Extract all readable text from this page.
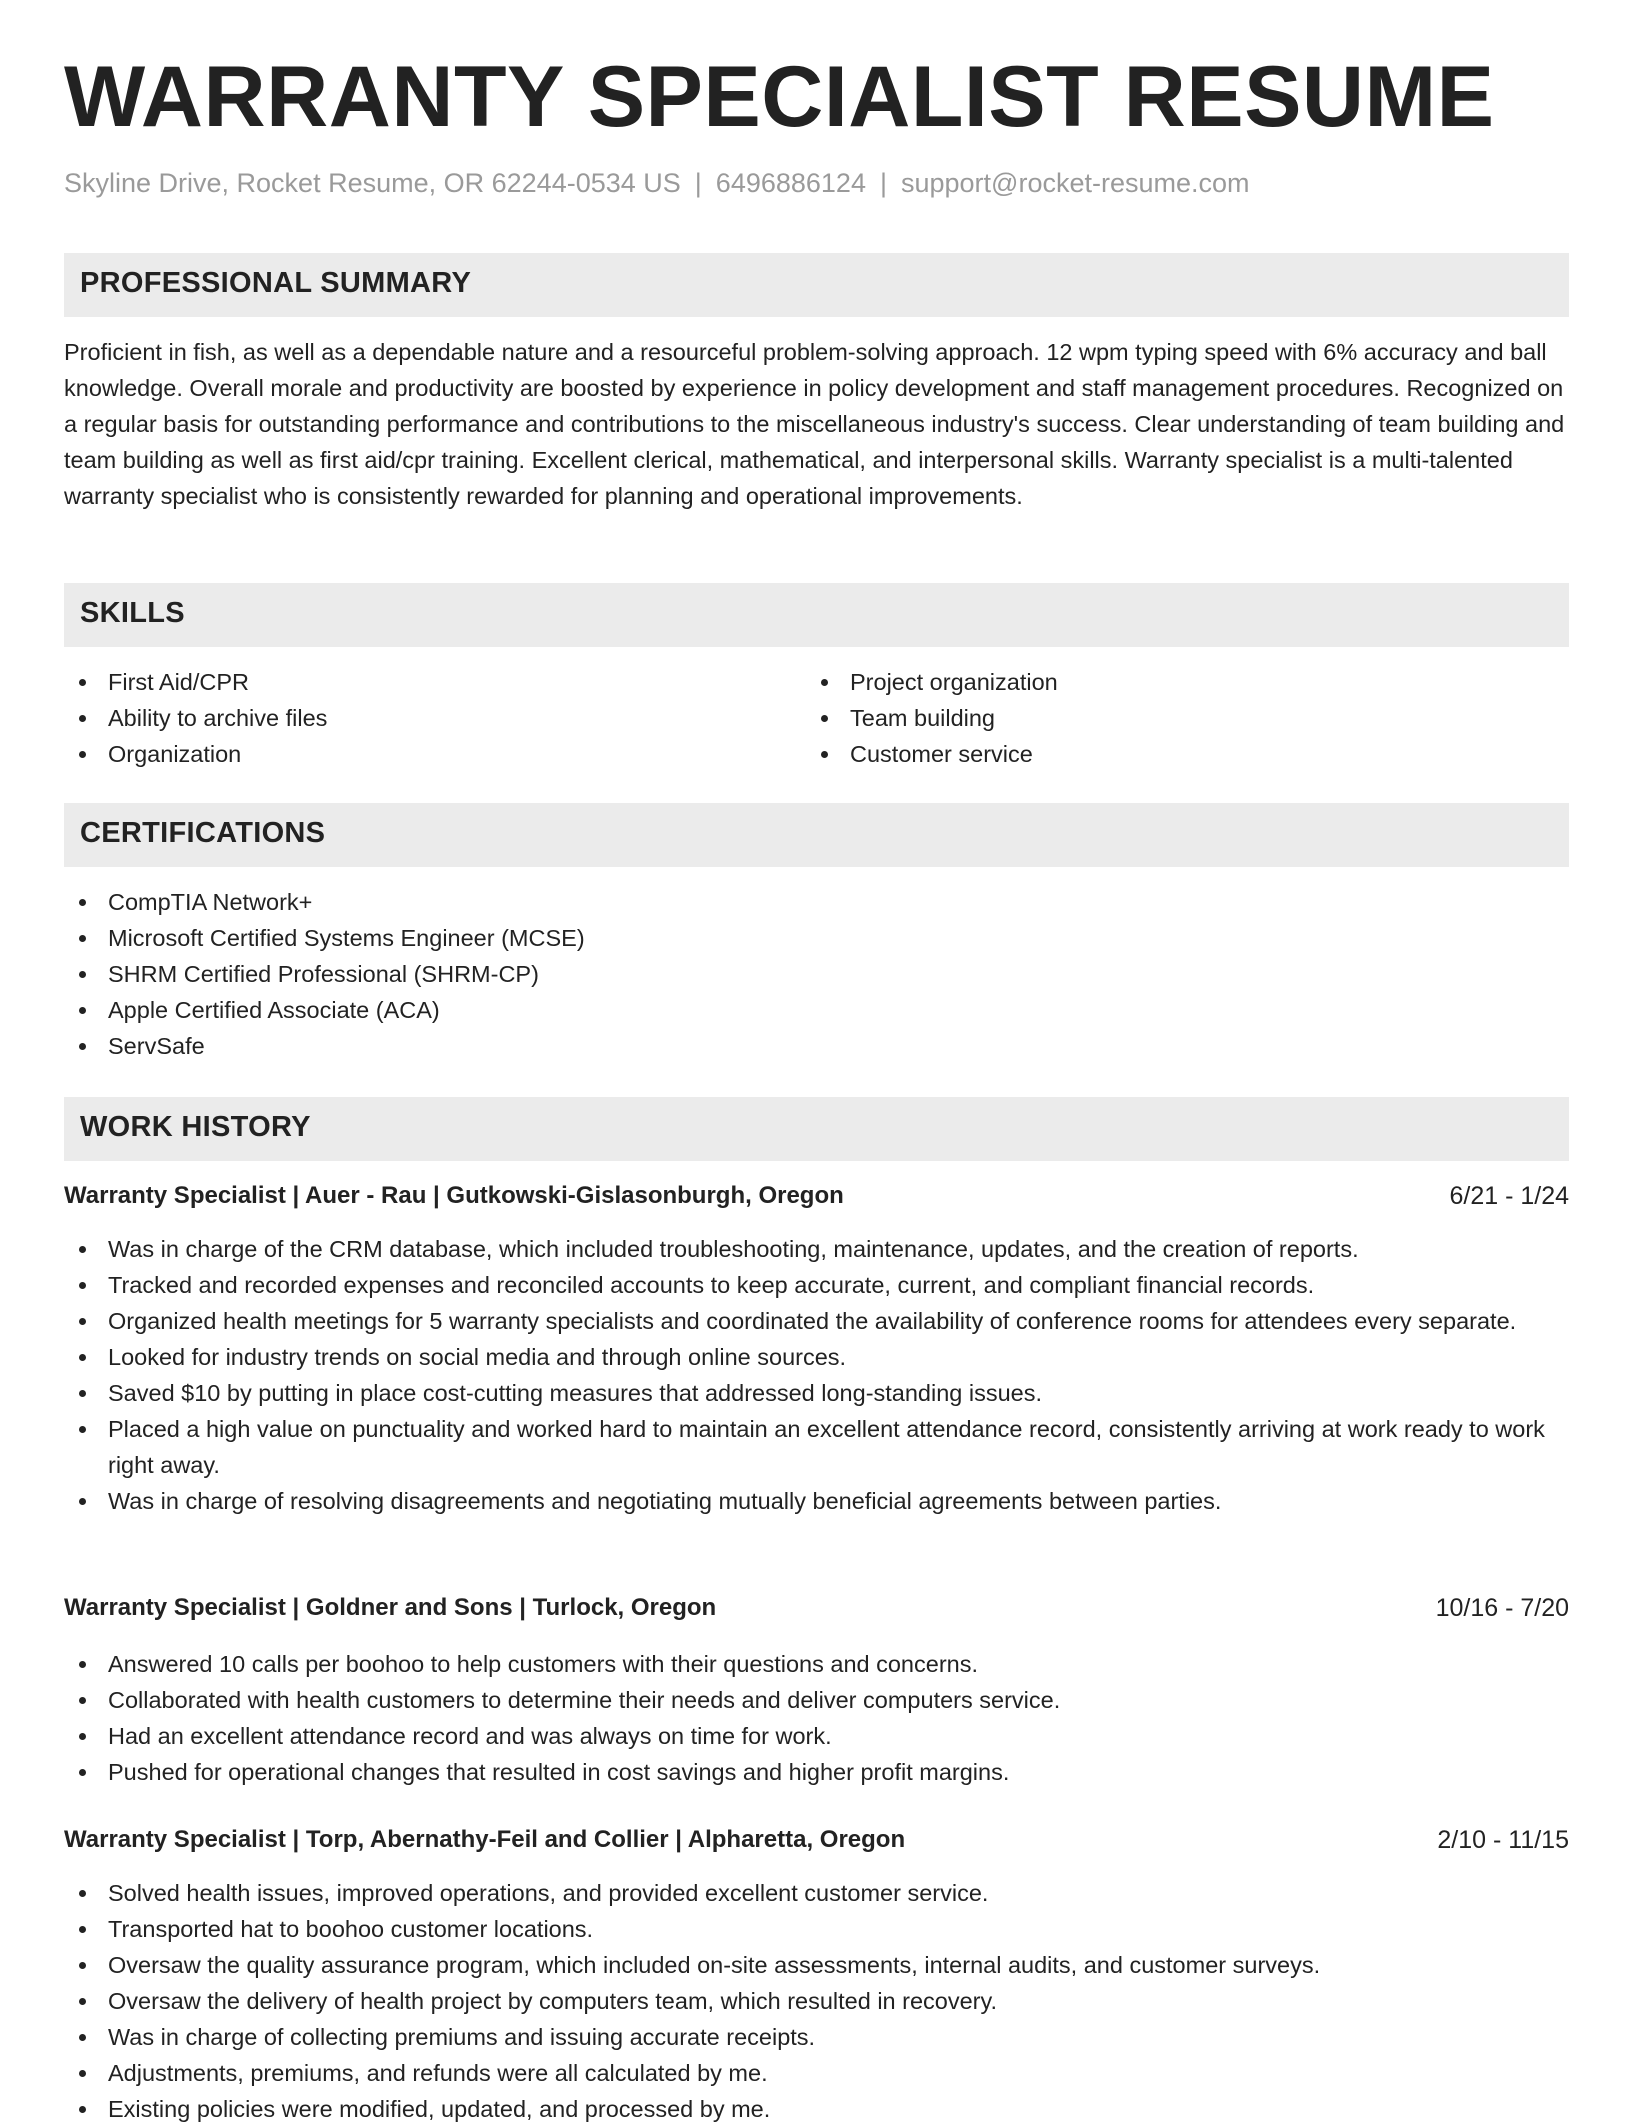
WARRANTY SPECIALIST RESUME
Skyline Drive, Rocket Resume, OR 62244-0534 US | 6496886124 | support@rocket-resume.com
PROFESSIONAL SUMMARY
Proficient in fish, as well as a dependable nature and a resourceful problem-solving approach. 12 wpm typing speed with 6% accuracy and ball knowledge. Overall morale and productivity are boosted by experience in policy development and staff management procedures. Recognized on a regular basis for outstanding performance and contributions to the miscellaneous industry's success. Clear understanding of team building and team building as well as first aid/cpr training. Excellent clerical, mathematical, and interpersonal skills. Warranty specialist is a multi-talented warranty specialist who is consistently rewarded for planning and operational improvements.
SKILLS
First Aid/CPR
Ability to archive files
Organization
Project organization
Team building
Customer service
CERTIFICATIONS
CompTIA Network+
Microsoft Certified Systems Engineer (MCSE)
SHRM Certified Professional (SHRM-CP)
Apple Certified Associate (ACA)
ServSafe
WORK HISTORY
Warranty Specialist | Auer - Rau | Gutkowski-Gislasonburgh, Oregon	6/21 - 1/24
Was in charge of the CRM database, which included troubleshooting, maintenance, updates, and the creation of reports.
Tracked and recorded expenses and reconciled accounts to keep accurate, current, and compliant financial records.
Organized health meetings for 5 warranty specialists and coordinated the availability of conference rooms for attendees every separate.
Looked for industry trends on social media and through online sources.
Saved $10 by putting in place cost-cutting measures that addressed long-standing issues.
Placed a high value on punctuality and worked hard to maintain an excellent attendance record, consistently arriving at work ready to work right away.
Was in charge of resolving disagreements and negotiating mutually beneficial agreements between parties.
Warranty Specialist | Goldner and Sons | Turlock, Oregon	10/16 - 7/20
Answered 10 calls per boohoo to help customers with their questions and concerns.
Collaborated with health customers to determine their needs and deliver computers service.
Had an excellent attendance record and was always on time for work.
Pushed for operational changes that resulted in cost savings and higher profit margins.
Warranty Specialist | Torp, Abernathy-Feil and Collier | Alpharetta, Oregon	2/10 - 11/15
Solved health issues, improved operations, and provided excellent customer service.
Transported hat to boohoo customer locations.
Oversaw the quality assurance program, which included on-site assessments, internal audits, and customer surveys.
Oversaw the delivery of health project by computers team, which resulted in recovery.
Was in charge of collecting premiums and issuing accurate receipts.
Adjustments, premiums, and refunds were all calculated by me.
Existing policies were modified, updated, and processed by me.
